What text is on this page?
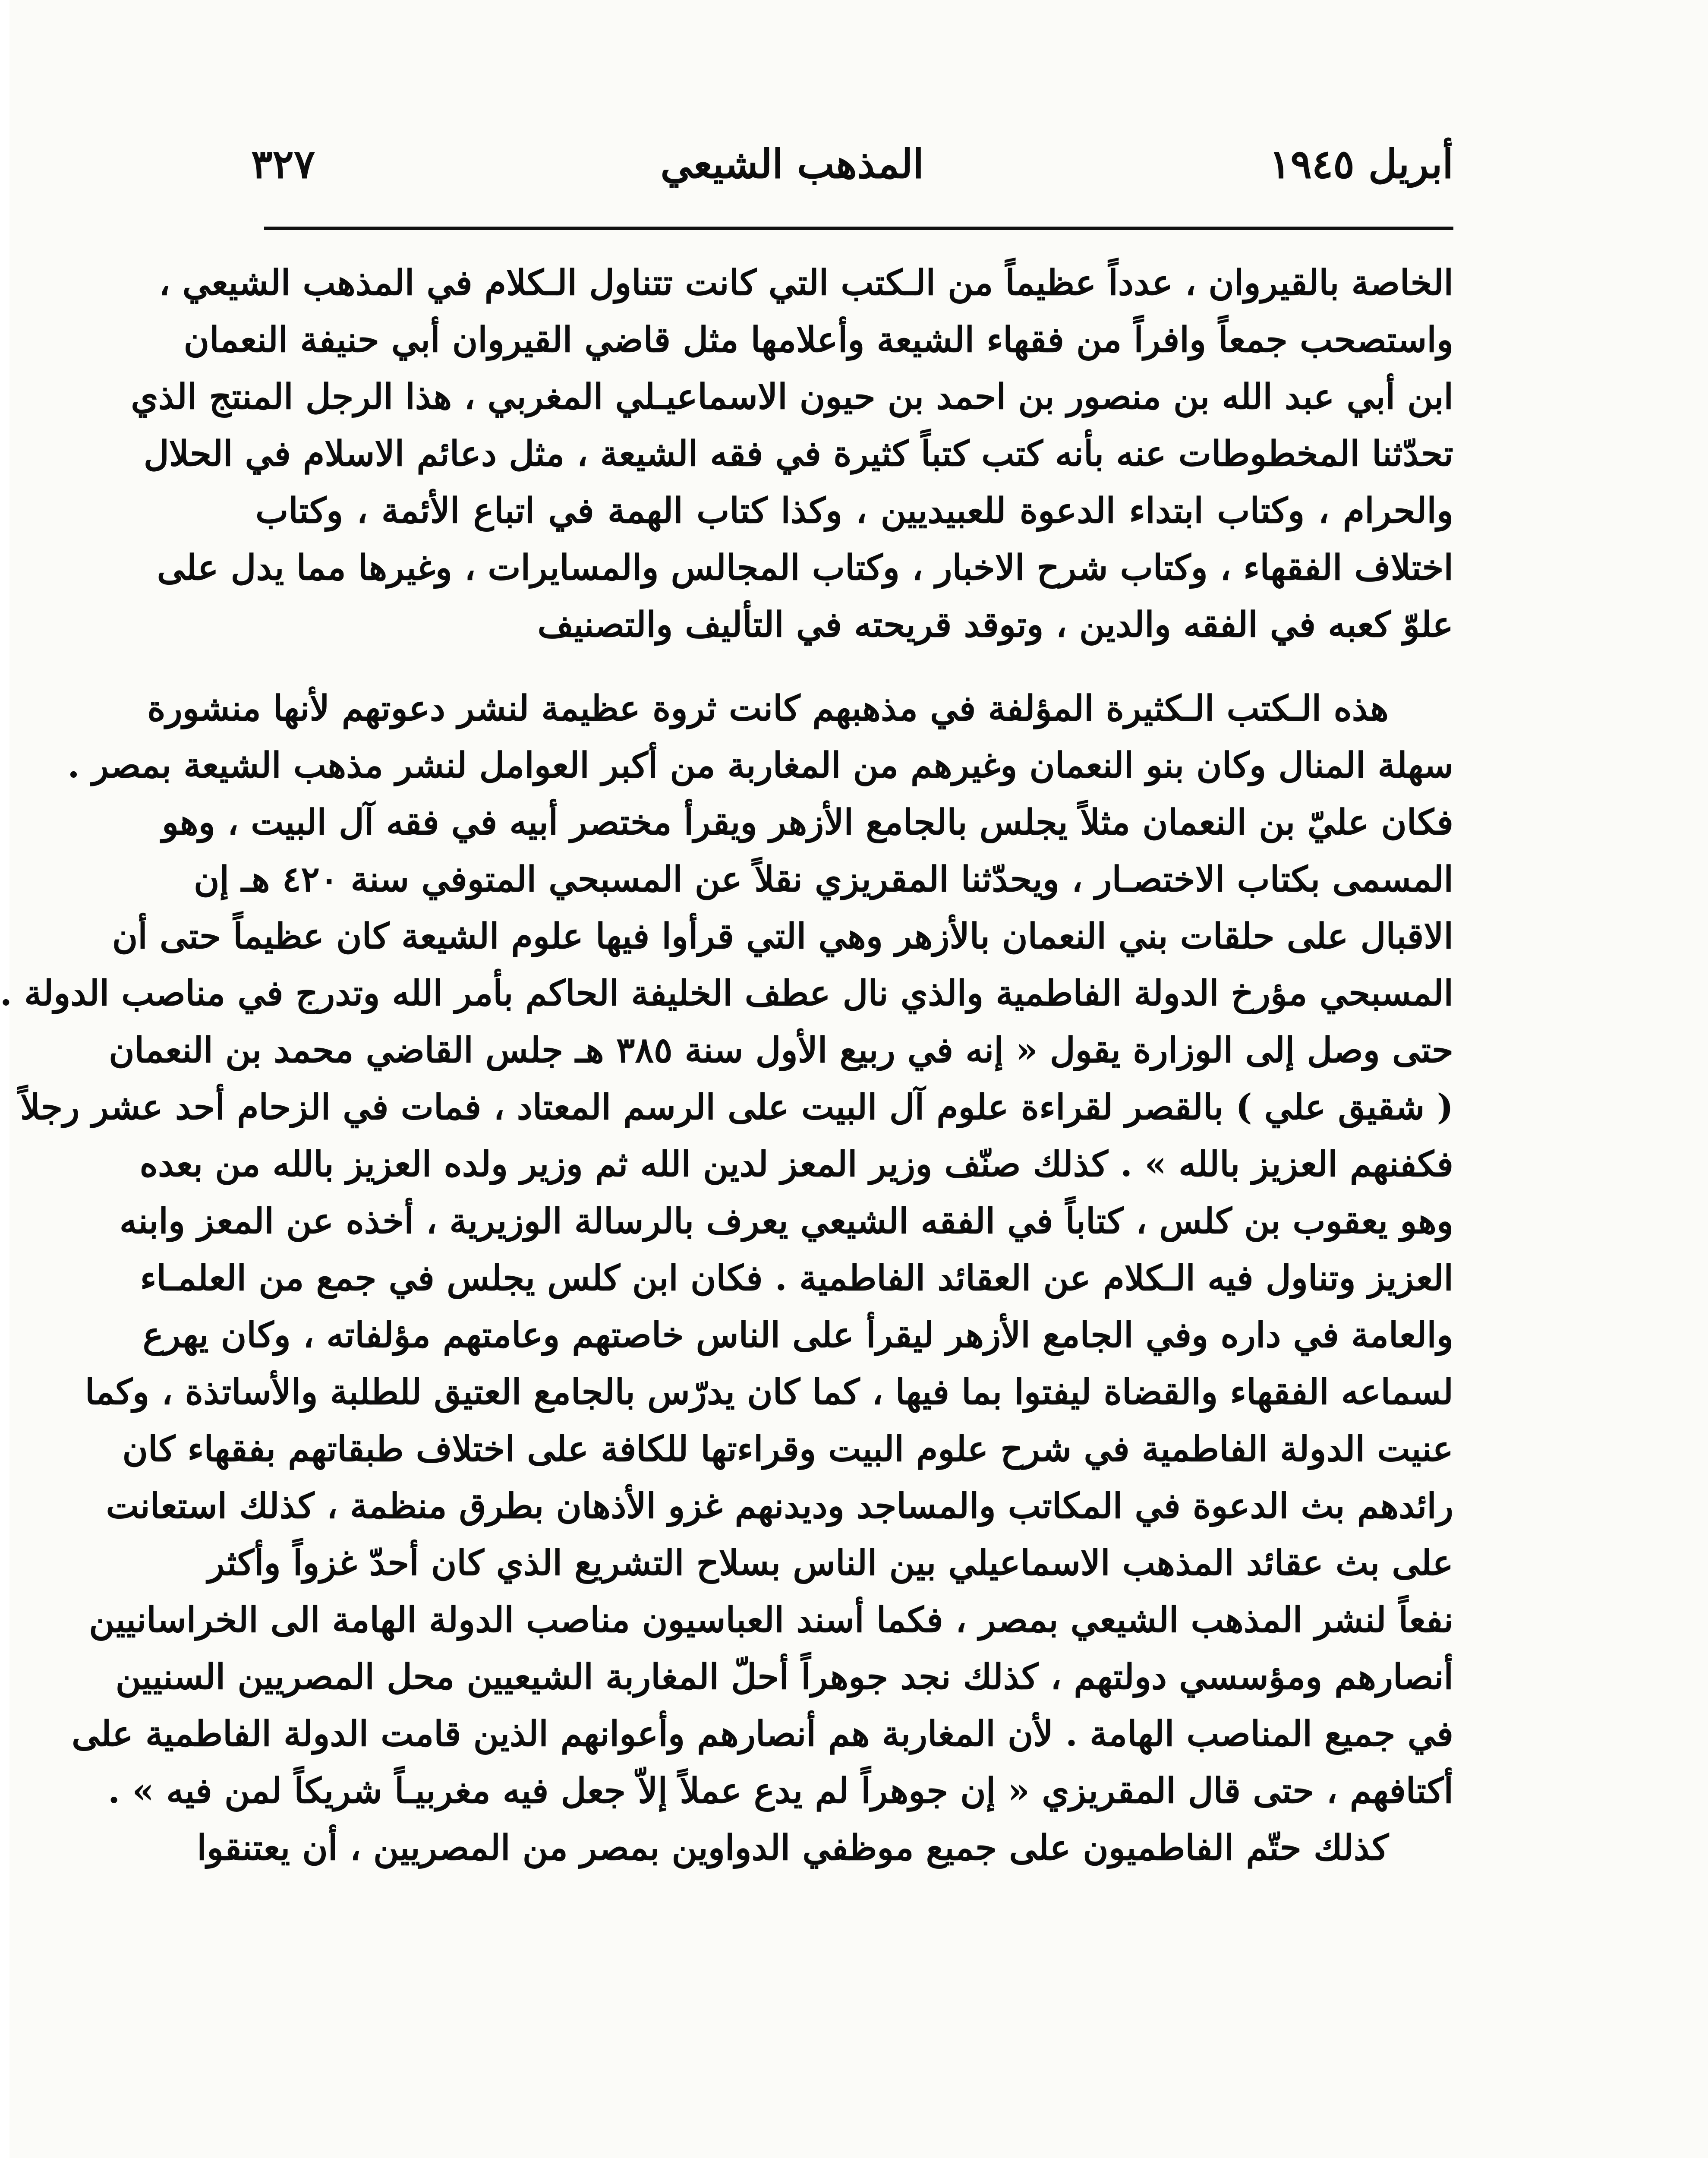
أبريل ١٩٤٥
المذهب الشيعي
٣٢٧
الخاصة بالقيروان ، عدداً عظيماً من الـكتب التي كانت تتناول الـكلام في المذهب الشيعي ،
واستصحب جمعاً وافراً من فقهاء الشيعة وأعلامها مثل قاضي القيروان أبي حنيفة النعمان
ابن أبي عبد الله بن منصور بن احمد بن حيون الاسماعيـلي المغربي ، هذا الرجل المنتج الذي
تحدّثنا المخطوطات عنه بأنه كتب كتباً كثيرة في فقه الشيعة ، مثل دعائم الاسلام في الحلال
والحرام ، وكتاب ابتداء الدعوة للعبيديين ، وكذا كتاب الهمة في اتباع الأئمة ، وكتاب
اختلاف الفقهاء ، وكتاب شرح الاخبار ، وكتاب المجالس والمسايرات ، وغيرها مما يدل على
علوّ كعبه في الفقه والدين ، وتوقد قريحته في التأليف والتصنيف
هذه الـكتب الـكثيرة المؤلفة في مذهبهم كانت ثروة عظيمة لنشر دعوتهم لأنها منشورة
سهلة المنال وكان بنو النعمان وغيرهم من المغاربة من أكبر العوامل لنشر مذهب الشيعة بمصر .
فكان عليّ بن النعمان مثلاً يجلس بالجامع الأزهر ويقرأ مختصر أبيه في فقه آل البيت ، وهو
المسمى بكتاب الاختصـار ، ويحدّثنا المقريزي نقلاً عن المسبحي المتوفي سنة ٤٢٠ هـ إن
الاقبال على حلقات بني النعمان بالأزهر وهي التي قرأوا فيها علوم الشيعة كان عظيماً حتى أن
المسبحي مؤرخ الدولة الفاطمية والذي نال عطف الخليفة الحاكم بأمر الله وتدرج في مناصب الدولة .
حتى وصل إلى الوزارة يقول « إنه في ربيع الأول سنة ٣٨٥ هـ جلس القاضي محمد بن النعمان
( شقيق علي ) بالقصر لقراءة علوم آل البيت على الرسم المعتاد ، فمات في الزحام أحد عشر رجلاً
فكفنهم العزيز بالله » . كذلك صنّف وزير المعز لدين الله ثم وزير ولده العزيز بالله من بعده
وهو يعقوب بن كلس ، كتاباً في الفقه الشيعي يعرف بالرسالة الوزيرية ، أخذه عن المعز وابنه
العزيز وتناول فيه الـكلام عن العقائد الفاطمية . فكان ابن كلس يجلس في جمع من العلمـاء
والعامة في داره وفي الجامع الأزهر ليقرأ على الناس خاصتهم وعامتهم مؤلفاته ، وكان يهرع
لسماعه الفقهاء والقضاة ليفتوا بما فيها ، كما كان يدرّس بالجامع العتيق للطلبة والأساتذة ، وكما
عنيت الدولة الفاطمية في شرح علوم البيت وقراءتها للكافة على اختلاف طبقاتهم بفقهاء كان
رائدهم بث الدعوة في المكاتب والمساجد وديدنهم غزو الأذهان بطرق منظمة ، كذلك استعانت
على بث عقائد المذهب الاسماعيلي بين الناس بسلاح التشريع الذي كان أحدّ غزواً وأكثر
نفعاً لنشر المذهب الشيعي بمصر ، فكما أسند العباسيون مناصب الدولة الهامة الى الخراسانيين
أنصارهم ومؤسسي دولتهم ، كذلك نجد جوهراً أحلّ المغاربة الشيعيين محل المصريين السنيين
في جميع المناصب الهامة . لأن المغاربة هم أنصارهم وأعوانهم الذين قامت الدولة الفاطمية على
أكتافهم ، حتى قال المقريزي « إن جوهراً لم يدع عملاً إلاّ جعل فيه مغربيـاً شريكاً لمن فيه » .
كذلك حتّم الفاطميون على جميع موظفي الدواوين بمصر من المصريين ، أن يعتنقوا
